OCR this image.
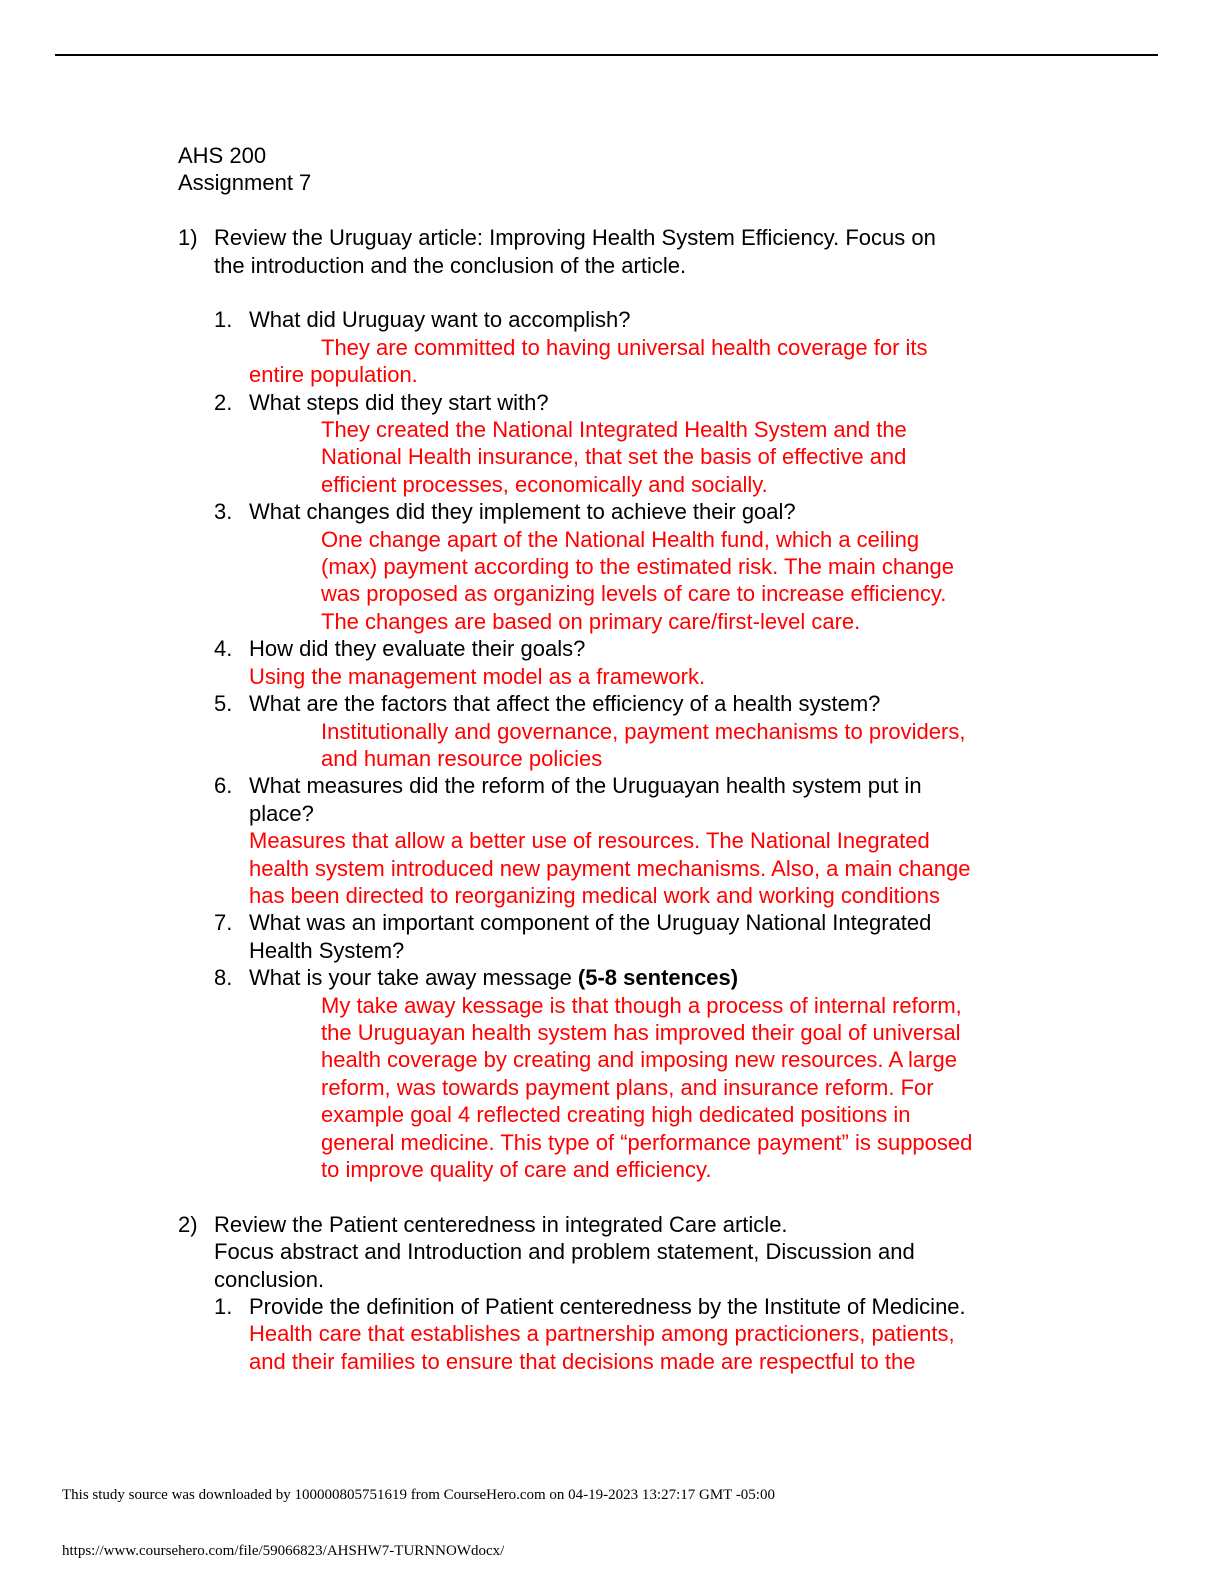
AHS 200
Assignment 7
1) Review the Uruguay article: Improving Health System Efficiency. Focus on
the introduction and the conclusion of the article.
1. What did Uruguay want to accomplish?
They are committed to having universal health coverage for its
entire population.
2. What steps did they start with?
They created the National Integrated Health System and the
National Health insurance, that set the basis of effective and
efficient processes, economically and socially.
3. What changes did they implement to achieve their goal?
One change apart of the National Health fund, which a ceiling
(max) payment according to the estimated risk. The main change
was proposed as organizing levels of care to increase efficiency.
The changes are based on primary care/first-level care.
4. How did they evaluate their goals?
Using the management model as a framework.
5. What are the factors that affect the efficiency of a health system?
Institutionally and governance, payment mechanisms to providers,
and human resource policies
6. What measures did the reform of the Uruguayan health system put in
place?
Measures that allow a better use of resources. The National Inegrated
health system introduced new payment mechanisms. Also, a main change
has been directed to reorganizing medical work and working conditions
7. What was an important component of the Uruguay National Integrated
Health System?
8. What is your take away message (5-8 sentences)
My take away kessage is that though a process of internal reform,
the Uruguayan health system has improved their goal of universal
health coverage by creating and imposing new resources. A large
reform, was towards payment plans, and insurance reform. For
example goal 4 reflected creating high dedicated positions in
general medicine. This type of “performance payment” is supposed
to improve quality of care and efficiency.
2) Review the Patient centeredness in integrated Care article.
Focus abstract and Introduction and problem statement, Discussion and
conclusion.
1. Provide the definition of Patient centeredness by the Institute of Medicine.
Health care that establishes a partnership among practicioners, patients,
and their families to ensure that decisions made are respectful to the
This study source was downloaded by 100000805751619 from CourseHero.com on 04-19-2023 13:27:17 GMT -05:00
https://www.coursehero.com/file/59066823/AHSHW7-TURNNOWdocx/
